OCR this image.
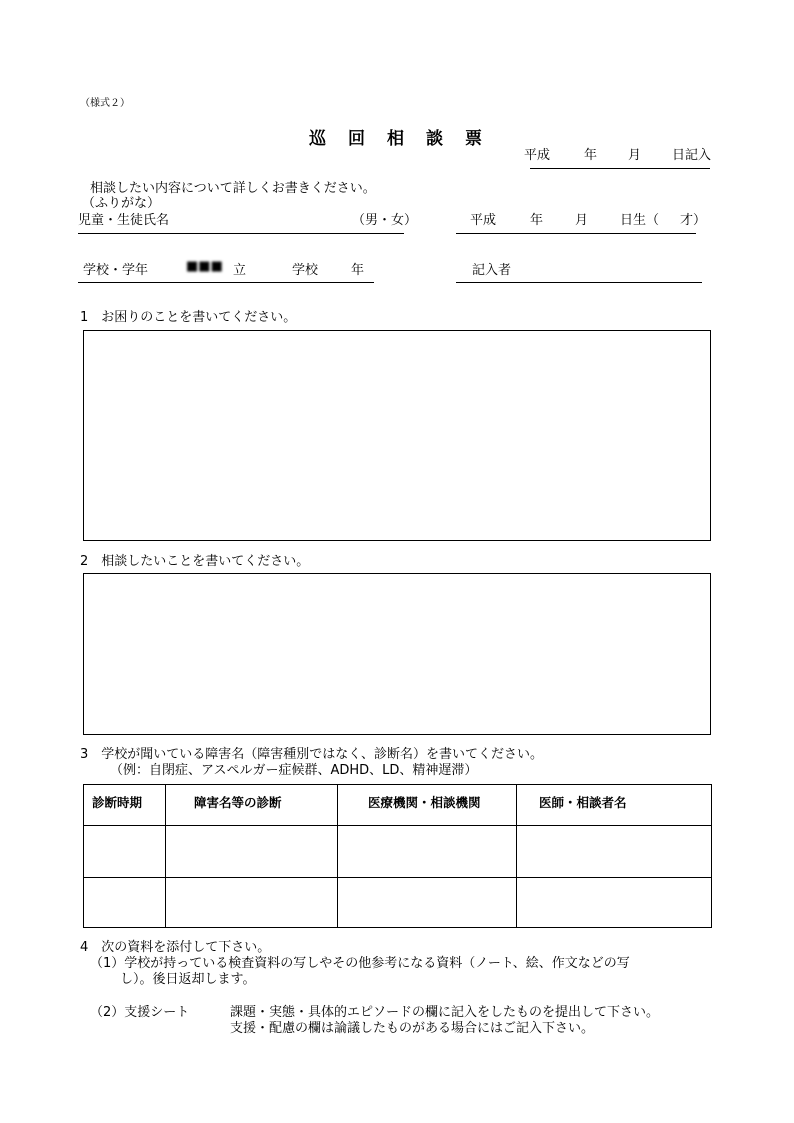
（様式２）
巡 回 相 談 票
平成	年 月 日記入
相談したい内容について詳しくお書きください。
（ふりがな）
児童・生徒氏名	（男・女）	平成	年 月 日生（ 才）
学校・学年	■■■ 立	学校	年	記入者
1　お困りのことを書いてください。
2　相談したいことを書いてください。
3　学校が聞いている障害名（障害種別ではなく、診断名）を書いてください。
（例：自閉症、アスペルガー症候群、ADHD、LD、精神遅滞）
診断時期	障害名等の診断	医療機関・相談機関	医師・相談者名

4　次の資料を添付して下さい。
（1）学校が持っている検査資料の写しやその他参考になる資料（ノート、絵、作文などの写
し）。後日返却します。
（2）支援シート	課題・実態・具体的エピソードの欄に記入をしたものを提出して下さい。
支援・配慮の欄は論議したものがある場合にはご記入下さい。
